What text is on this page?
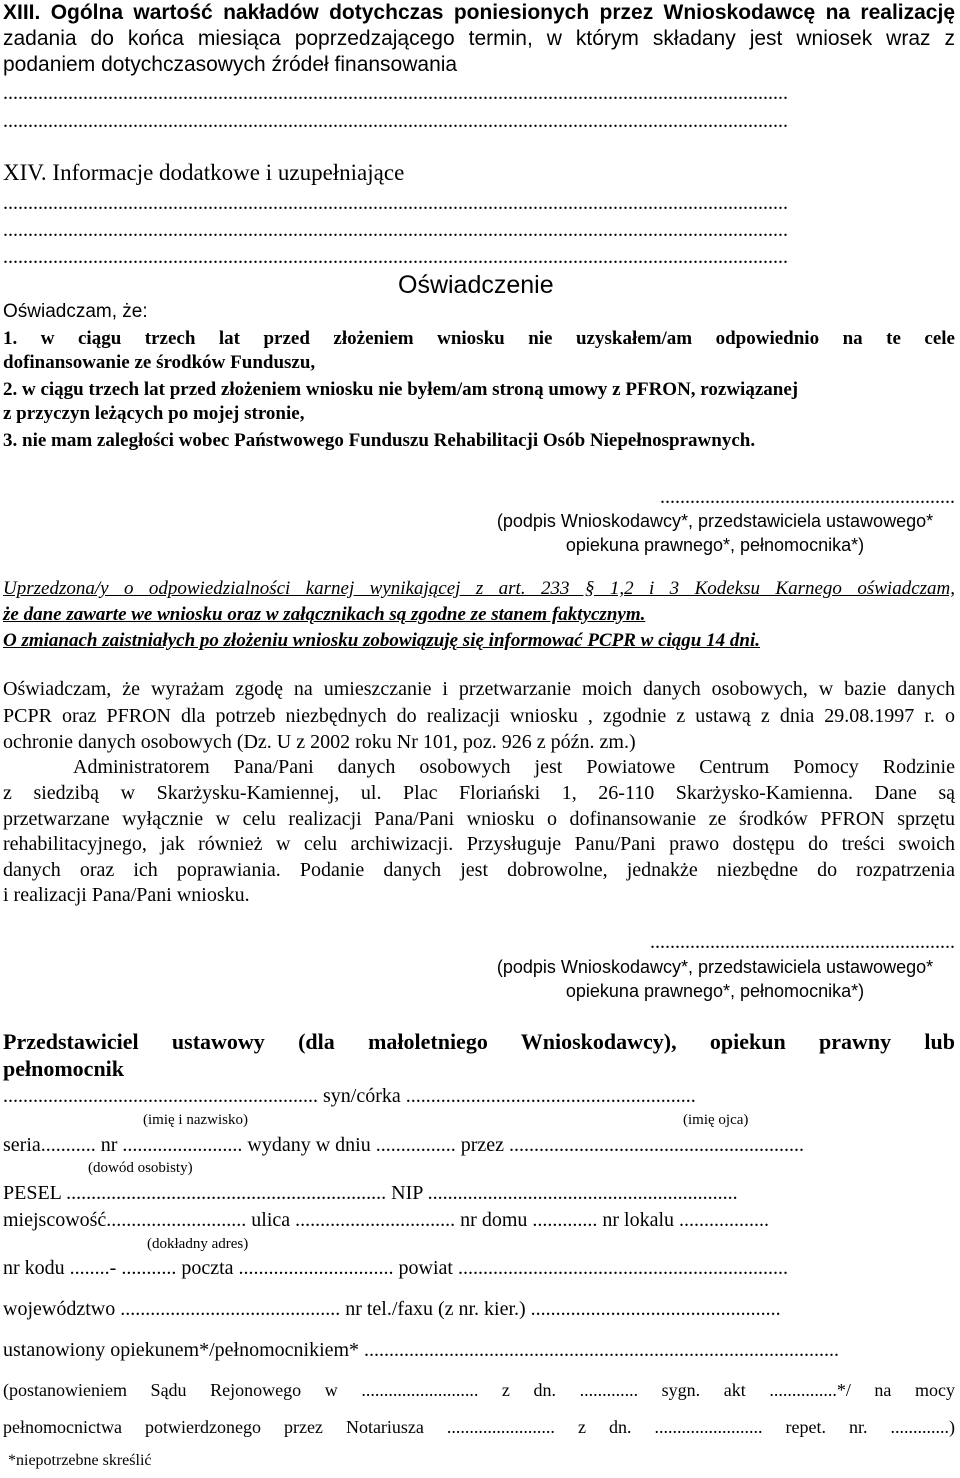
XIII. Ogólna wartość nakładów dotychczas poniesionych przez Wnioskodawcę na realizację
zadania do końca miesiąca poprzedzającego termin, w którym składany jest wniosek wraz z
podaniem dotychczasowych źródeł finansowania
.............................................................................................................................................................
.............................................................................................................................................................
XIV. Informacje dodatkowe i uzupełniające
.............................................................................................................................................................
.............................................................................................................................................................
.............................................................................................................................................................
Oświadczenie
Oświadczam, że:
1. w ciągu trzech lat przed złożeniem wniosku nie uzyskałem/am odpowiednio na te cele
dofinansowanie ze środków Funduszu,
2. w ciągu trzech lat przed złożeniem wniosku nie byłem/am stroną umowy z PFRON, rozwiązanej
z przyczyn leżących po mojej stronie,
3. nie mam zaległości wobec Państwowego Funduszu Rehabilitacji Osób Niepełnosprawnych.
...........................................................
(podpis Wnioskodawcy*, przedstawiciela ustawowego*
opiekuna prawnego*, pełnomocnika*)
Uprzedzona/y o odpowiedzialności karnej wynikającej z art. 233 § 1,2 i 3 Kodeksu Karnego oświadczam,
że dane zawarte we wniosku oraz w załącznikach są zgodne ze stanem faktycznym.
O zmianach zaistniałych po złożeniu wniosku zobowiązuję się informować PCPR w ciągu 14 dni.
Oświadczam, że wyrażam zgodę na umieszczanie i przetwarzanie moich danych osobowych, w bazie danych
PCPR oraz PFRON dla potrzeb niezbędnych do realizacji wniosku , zgodnie z ustawą z dnia 29.08.1997 r. o
ochronie danych osobowych (Dz. U z 2002 roku Nr 101, poz. 926 z późn. zm.)
Administratorem Pana/Pani danych osobowych jest Powiatowe Centrum Pomocy Rodzinie
z siedzibą w Skarżysku-Kamiennej, ul. Plac Floriański 1, 26-110 Skarżysko-Kamienna. Dane są
przetwarzane wyłącznie w celu realizacji Pana/Pani wniosku o dofinansowanie ze środków PFRON sprzętu
rehabilitacyjnego, jak również w celu archiwizacji. Przysługuje Panu/Pani prawo dostępu do treści swoich
danych oraz ich poprawiania. Podanie danych jest dobrowolne, jednakże niezbędne do rozpatrzenia
i realizacji Pana/Pani wniosku.
.............................................................
(podpis Wnioskodawcy*, przedstawiciela ustawowego*
opiekuna prawnego*, pełnomocnika*)
Przedstawiciel ustawowy (dla małoletniego Wnioskodawcy), opiekun prawny lub
pełnomocnik
............................................................... syn/córka ..........................................................
(imię i nazwisko)	(imię ojca)
seria........... nr ........................ wydany w dniu ................ przez ...........................................................
(dowód osobisty)
PESEL ................................................................ NIP ..............................................................
miejscowość............................ ulica ................................ nr domu ............. nr lokalu ..................
(dokładny adres)
nr kodu ........- ........... poczta ............................... powiat ..................................................................
województwo ............................................ nr tel./faxu (z nr. kier.) ..................................................
ustanowiony opiekunem*/pełnomocnikiem* ...............................................................................................
(postanowieniem Sądu Rejonowego w .......................... z dn. ............. sygn. akt ...............*/ na mocy
pełnomocnictwa potwierdzonego przez Notariusza ........................ z dn. ........................ repet. nr. .............)
*niepotrzebne skreślić
